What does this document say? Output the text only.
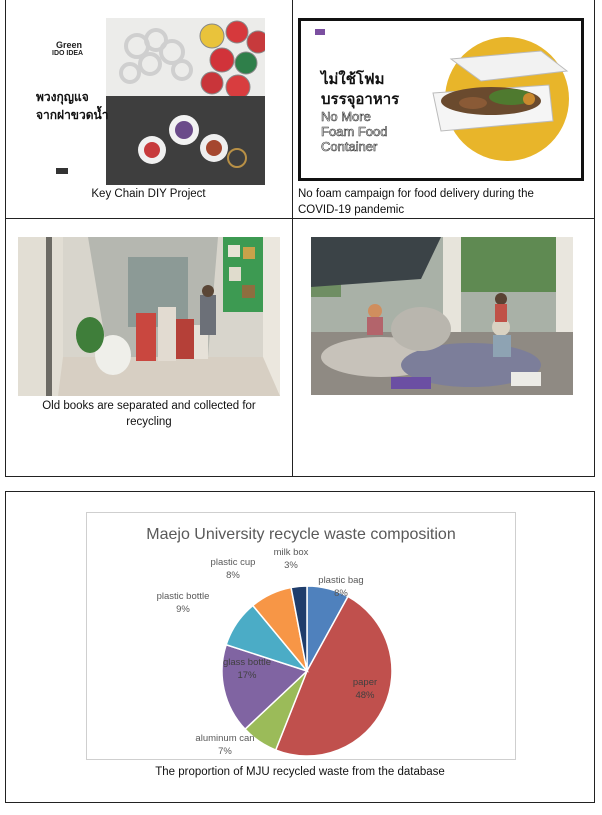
Green
IDO IDEA
พวงกุญแจ
จากฝาขวดน้ำ
Key Chain DIY Project
ไม่ใช้โฟม
บรรจุอาหาร
No More
Foam Food
Container
No foam campaign for food delivery during the
COVID-19 pandemic
Old books are separated and collected for
recycling
Maejo University recycle waste composition
plastic bag
8%
paper
48%
aluminum can
7%
glass bottle
17%
plastic bottle
9%
plastic cup
8%
milk box
3%
The proportion of MJU recycled waste from the database
